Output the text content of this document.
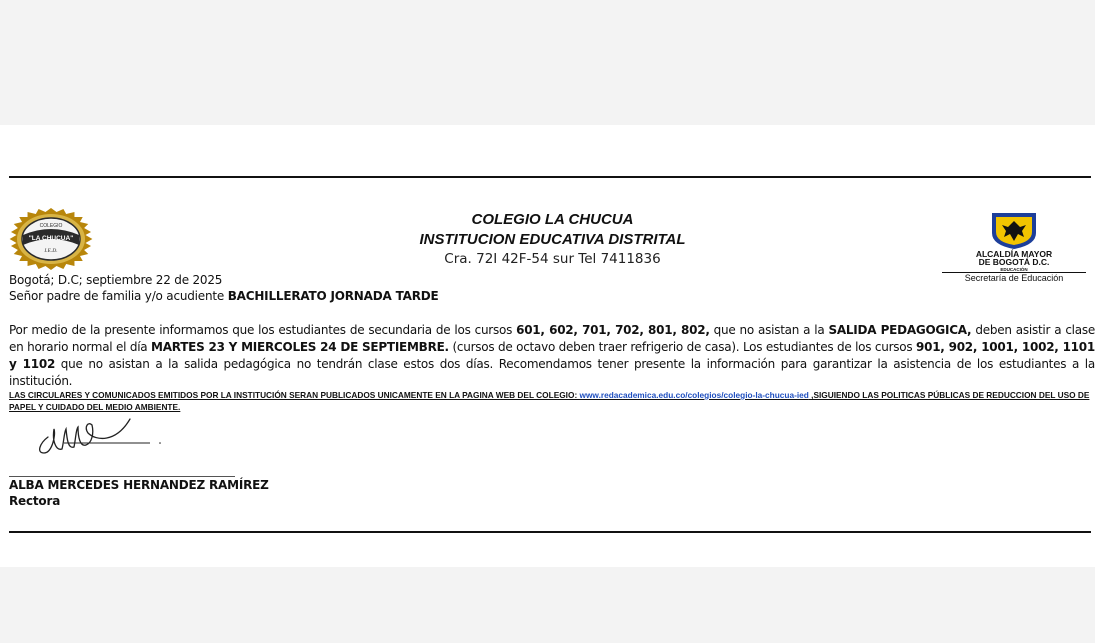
COLEGIO
"LA CHUCUA"
I.E.D.
COLEGIO LA CHUCUA
INSTITUCION EDUCATIVA DISTRITAL
Cra. 72I 42F-54 sur Tel 7411836	ALCALDÍA MAYOR
DE BOGOTÁ D.C.
EDUCACIÓN
Secretaría de Educación
Bogotá; D.C; septiembre 22 de 2025
Señor padre de familia y/o acudiente BACHILLERATO JORNADA TARDE
Por medio de la presente informamos que los estudiantes de secundaria de los cursos 601, 602, 701, 702, 801, 802, que no asistan a la SALIDA PEDAGOGICA, deben asistir a clase en horario normal el día MARTES 23 Y MIERCOLES 24 DE SEPTIEMBRE. (cursos de octavo deben traer refrigerio de casa). Los estudiantes de los cursos 901, 902, 1001, 1002, 1101 y 1102 que no asistan a la salida pedagógica no tendrán clase estos dos días. Recomendamos tener presente la información para garantizar la asistencia de los estudiantes a la institución.
LAS CIRCULARES Y COMUNICADOS EMITIDOS POR LA INSTITUCIÓN SERAN PUBLICADOS UNICAMENTE EN LA PAGINA WEB DEL COLEGIO: www.redacademica.edu.co/colegios/colegio-la-chucua-ied ,SIGUIENDO LAS POLITICAS PÚBLICAS DE REDUCCION DEL USO DE PAPEL Y CUIDADO DEL MEDIO AMBIENTE.
ALBA MERCEDES HERNANDEZ RAMÍREZ
Rectora
